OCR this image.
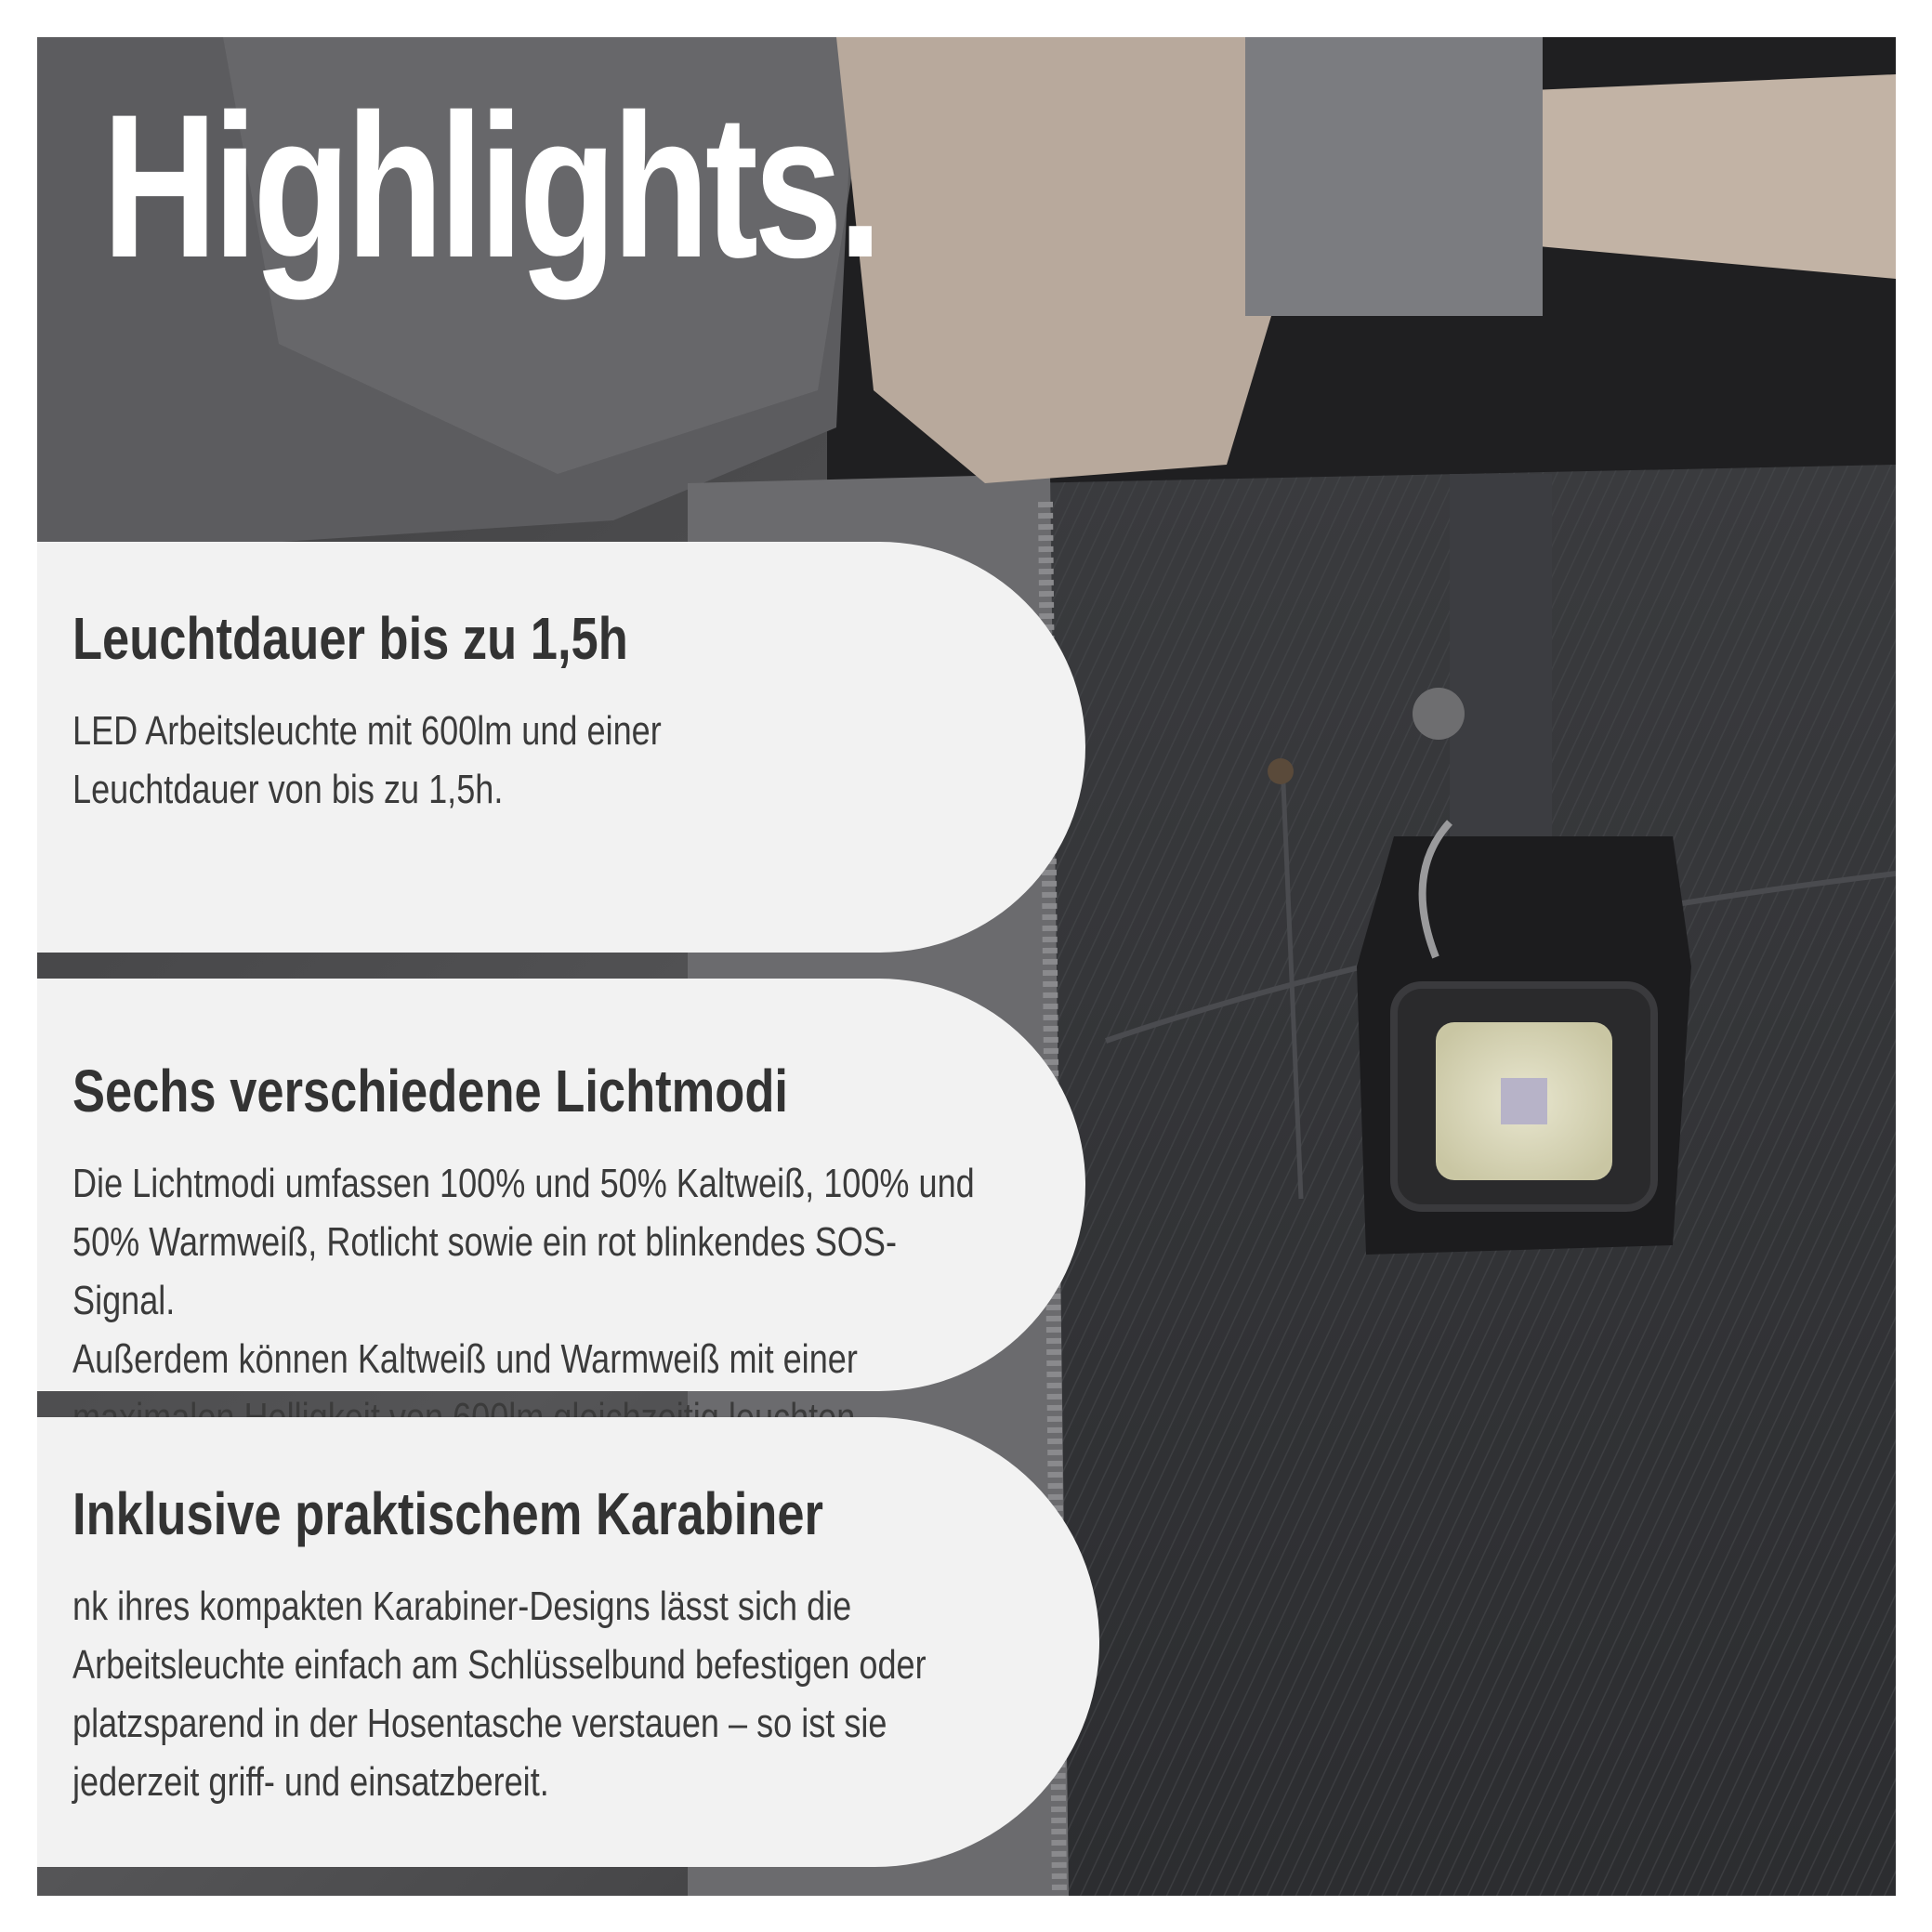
Highlights.
Leuchtdauer bis zu 1,5h
LED Arbeitsleuchte mit 600lm und einer
Leuchtdauer von bis zu 1,5h.
Sechs verschiedene Lichtmodi
Die Lichtmodi umfassen 100% und 50% Kaltweiß, 100% und
50% Warmweiß, Rotlicht sowie ein rot blinkendes SOS-Signal.
Außerdem können Kaltweiß und Warmweiß mit einer

Inklusive praktischem Karabiner
nk ihres kompakten Karabiner-Designs lässt sich die
Arbeitsleuchte einfach am Schlüsselbund befestigen oder
platzsparend in der Hosentasche verstauen – so ist sie
jederzeit griff- und einsatzbereit.
